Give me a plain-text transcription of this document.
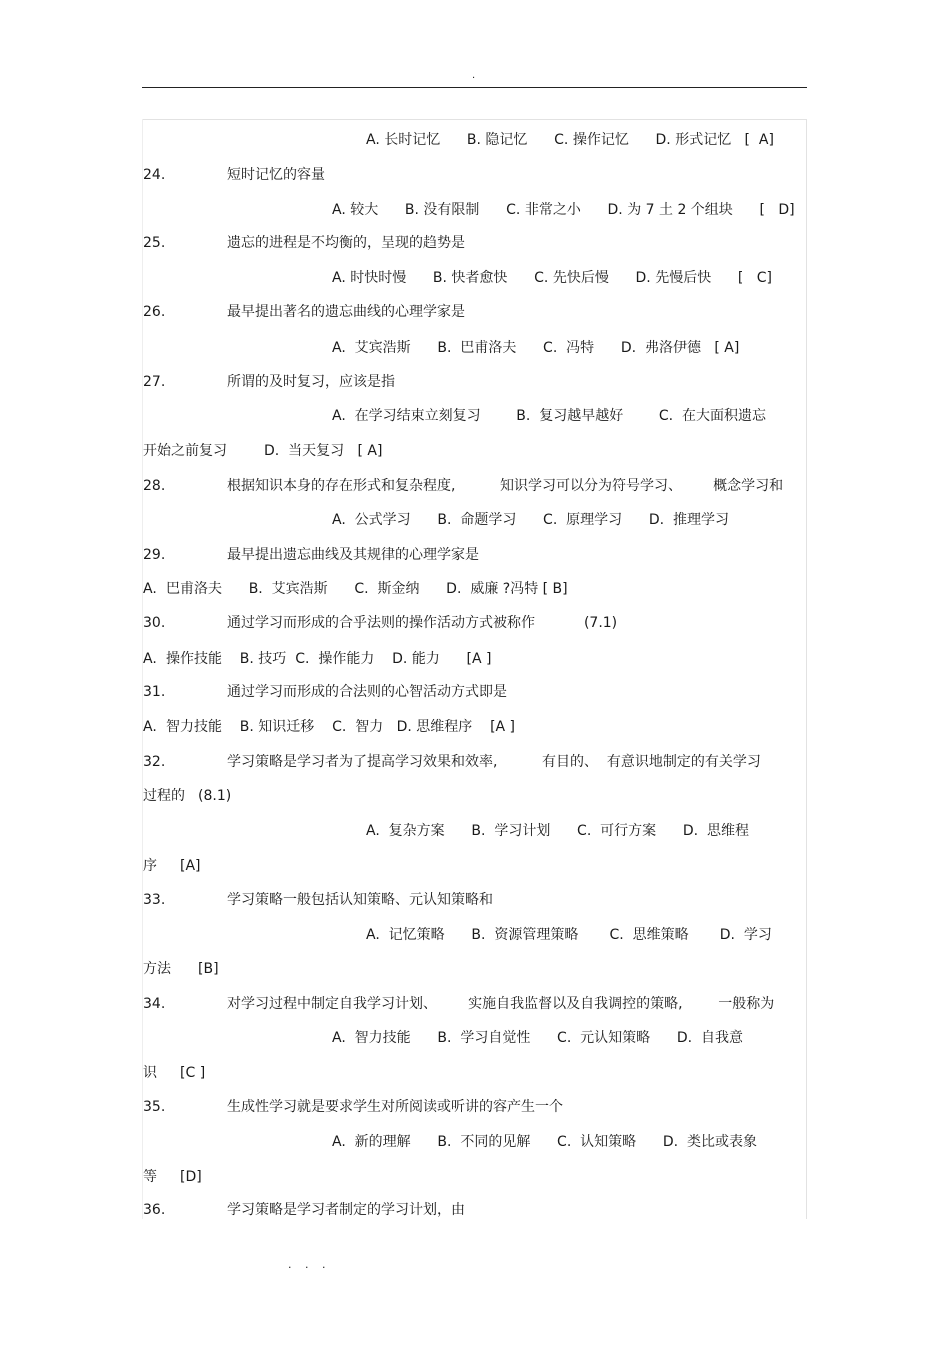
.
A. 长时记忆      B. 隐记忆      C. 操作记忆      D. 形式记忆   [  A]
24.	短时记忆的容量
A. 较大      B. 没有限制      C. 非常之小      D. 为 7 土 2 个组块      [   D]
25.	遗忘的进程是不均衡的，呈现的趋势是
A. 时快时慢      B. 快者愈快      C. 先快后慢      D. 先慢后快      [   C]
26.	最早提出著名的遗忘曲线的心理学家是
A.  艾宾浩斯      B.  巴甫洛夫      C.  冯特      D.  弗洛伊德   [ A]
27.	所谓的及时复习，应该是指
A.  在学习结束立刻复习        B.  复习越早越好        C.  在大面积遗忘
开始之前复习	D.  当天复习   [ A]
28.	根据知识本身的存在形式和复杂程度,          知识学习可以分为符号学习、       概念学习和
A.  公式学习      B.  命题学习      C.  原理学习      D.  推理学习
29.	最早提出遗忘曲线及其规律的心理学家是
A. 巴甫洛夫      B.  艾宾浩斯      C.  斯金纳      D.  威廉 ?冯特 [ B]
30.	通过学习而形成的合乎法则的操作活动方式被称作           (7.1)
A. 操作技能    B. 技巧  C.  操作能力    D. 能力      [A ]
31.	通过学习而形成的合法则的心智活动方式即是
A. 智力技能    B. 知识迁移    C.  智力   D. 思维程序    [A ]
32.	学习策略是学习者为了提高学习效果和效率,          有目的、  有意识地制定的有关学习
过程的 (8.1)
A.  复杂方案      B.  学习计划      C.  可行方案      D.  思维程
序 [A]
33.	学习策略一般包括认知策略、元认知策略和
A.  记忆策略      B.  资源管理策略       C.  思维策略       D.  学习
方法 [B]
34.	对学习过程中制定自我学习计划、       实施自我监督以及自我调控的策略,        一般称为
A.  智力技能      B.  学习自觉性      C.  元认知策略      D.  自我意
识 [C ]
35.	生成性学习就是要求学生对所阅读或听讲的容产生一个
A.  新的理解      B.  不同的见解      C.  认知策略      D.  类比或表象
等 [D]
36.	学习策略是学习者制定的学习计划，由
. . .
